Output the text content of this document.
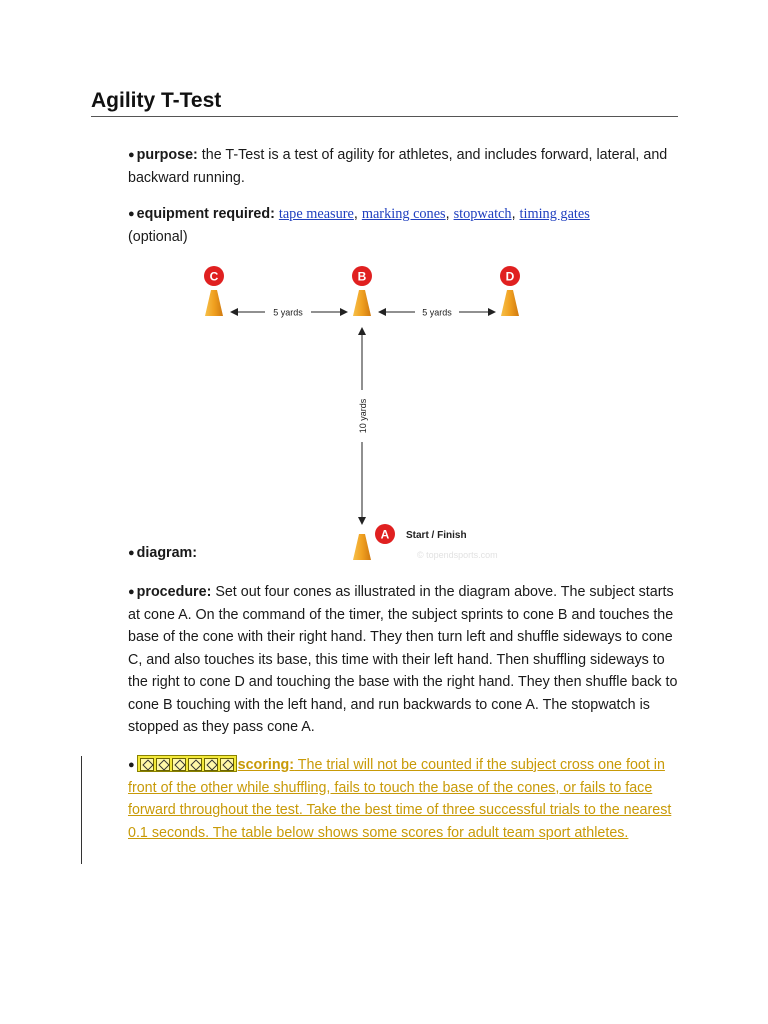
Agility T-Test
● purpose: the T-Test is a test of agility for athletes, and includes forward, lateral, and backward running.
● equipment required: tape measure, marking cones, stopwatch, timing gates
(optional)
C	B	D
A Start / Finish
© topendsports.com
5 yards	5 yards
10 yards
● diagram:
● procedure: Set out four cones as illustrated in the diagram above. The subject starts at cone A. On the command of the timer, the subject sprints to cone B and touches the base of the cone with their right hand. They then turn left and shuffle sideways to cone C, and also touches its base, this time with their left hand. Then shuffling sideways to the right to cone D and touching the base with the right hand. They then shuffle back to cone B touching with the left hand, and run backwards to cone A. The stopwatch is stopped as they pass cone A.
●	scoring: The trial will not be counted if the subject cross one foot in front of the other while shuffling, fails to touch the base of the cones, or fails to face forward throughout the test. Take the best time of three successful trials to the nearest 0.1 seconds. The table below shows some scores for adult team sport athletes.
